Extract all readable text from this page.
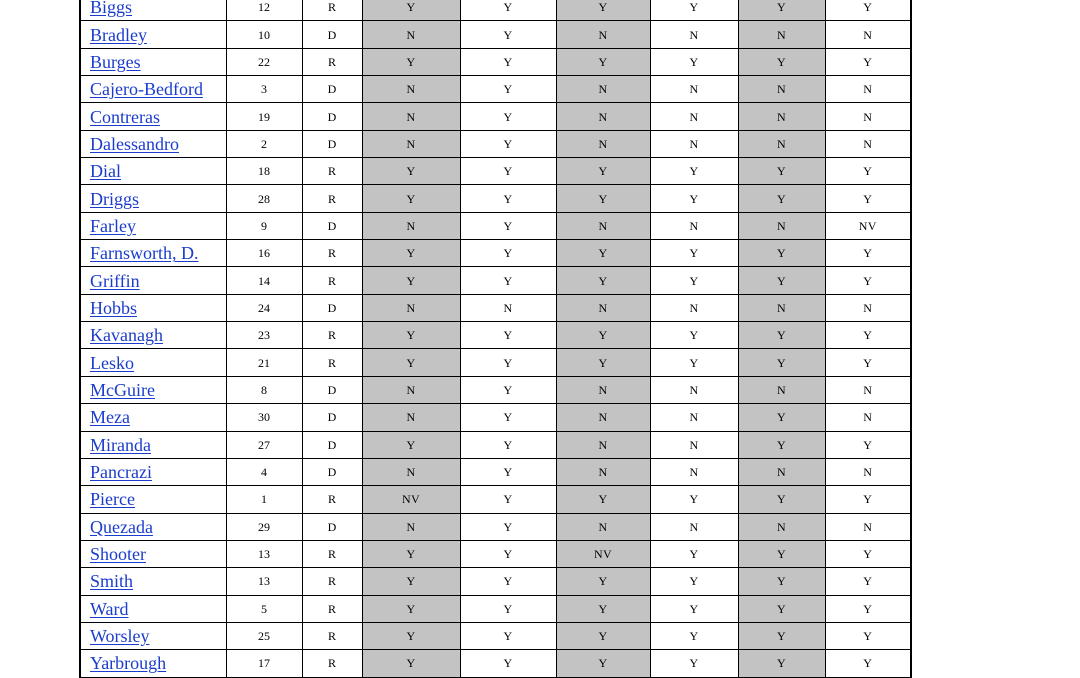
Biggs	12	R	Y	Y	Y	Y	Y	Y
Bradley	10	D	N	Y	N	N	N	N
Burges	22	R	Y	Y	Y	Y	Y	Y
Cajero-Bedford	3	D	N	Y	N	N	N	N
Contreras	19	D	N	Y	N	N	N	N
Dalessandro	2	D	N	Y	N	N	N	N
Dial	18	R	Y	Y	Y	Y	Y	Y
Driggs	28	R	Y	Y	Y	Y	Y	Y
Farley	9	D	N	Y	N	N	N	NV
Farnsworth, D.	16	R	Y	Y	Y	Y	Y	Y
Griffin	14	R	Y	Y	Y	Y	Y	Y
Hobbs	24	D	N	N	N	N	N	N
Kavanagh	23	R	Y	Y	Y	Y	Y	Y
Lesko	21	R	Y	Y	Y	Y	Y	Y
McGuire	8	D	N	Y	N	N	N	N
Meza	30	D	N	Y	N	N	Y	N
Miranda	27	D	Y	Y	N	N	Y	Y
Pancrazi	4	D	N	Y	N	N	N	N
Pierce	1	R	NV	Y	Y	Y	Y	Y
Quezada	29	D	N	Y	N	N	N	N
Shooter	13	R	Y	Y	NV	Y	Y	Y
Smith	13	R	Y	Y	Y	Y	Y	Y
Ward	5	R	Y	Y	Y	Y	Y	Y
Worsley	25	R	Y	Y	Y	Y	Y	Y
Yarbrough	17	R	Y	Y	Y	Y	Y	Y
